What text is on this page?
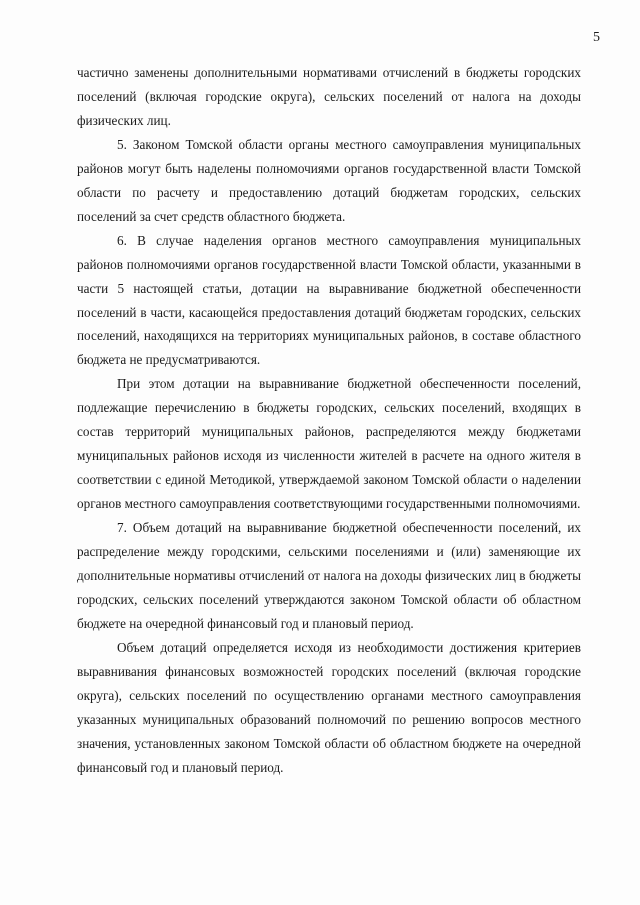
5

частично заменены дополнительными нормативами отчислений в бюджеты городских поселений (включая городские округа), сельских поселений от налога на доходы физических лиц.

5. Законом Томской области органы местного самоуправления муниципальных районов могут быть наделены полномочиями органов государственной власти Томской области по расчету и предоставлению дотаций бюджетам городских, сельских поселений за счет средств областного бюджета.

6. В случае наделения органов местного самоуправления муниципальных районов полномочиями органов государственной власти Томской области, указанными в части 5 настоящей статьи, дотации на выравнивание бюджетной обеспеченности поселений в части, касающейся предоставления дотаций бюджетам городских, сельских поселений, находящихся на территориях муниципальных районов, в составе областного бюджета не предусматриваются.

При этом дотации на выравнивание бюджетной обеспеченности поселений, подлежащие перечислению в бюджеты городских, сельских поселений, входящих в состав территорий муниципальных районов, распределяются между бюджетами муниципальных районов исходя из численности жителей в расчете на одного жителя в соответствии с единой Методикой, утверждаемой законом Томской области о наделении органов местного самоуправления соответствующими государственными полномочиями.

7. Объем дотаций на выравнивание бюджетной обеспеченности поселений, их распределение между городскими, сельскими поселениями и (или) заменяющие их дополнительные нормативы отчислений от налога на доходы физических лиц в бюджеты городских, сельских поселений утверждаются законом Томской области об областном бюджете на очередной финансовый год и плановый период.

Объем дотаций определяется исходя из необходимости достижения критериев выравнивания финансовых возможностей городских поселений (включая городские округа), сельских поселений по осуществлению органами местного самоуправления указанных муниципальных образований полномочий по решению вопросов местного значения, установленных законом Томской области об областном бюджете на очередной финансовый год и плановый период.
